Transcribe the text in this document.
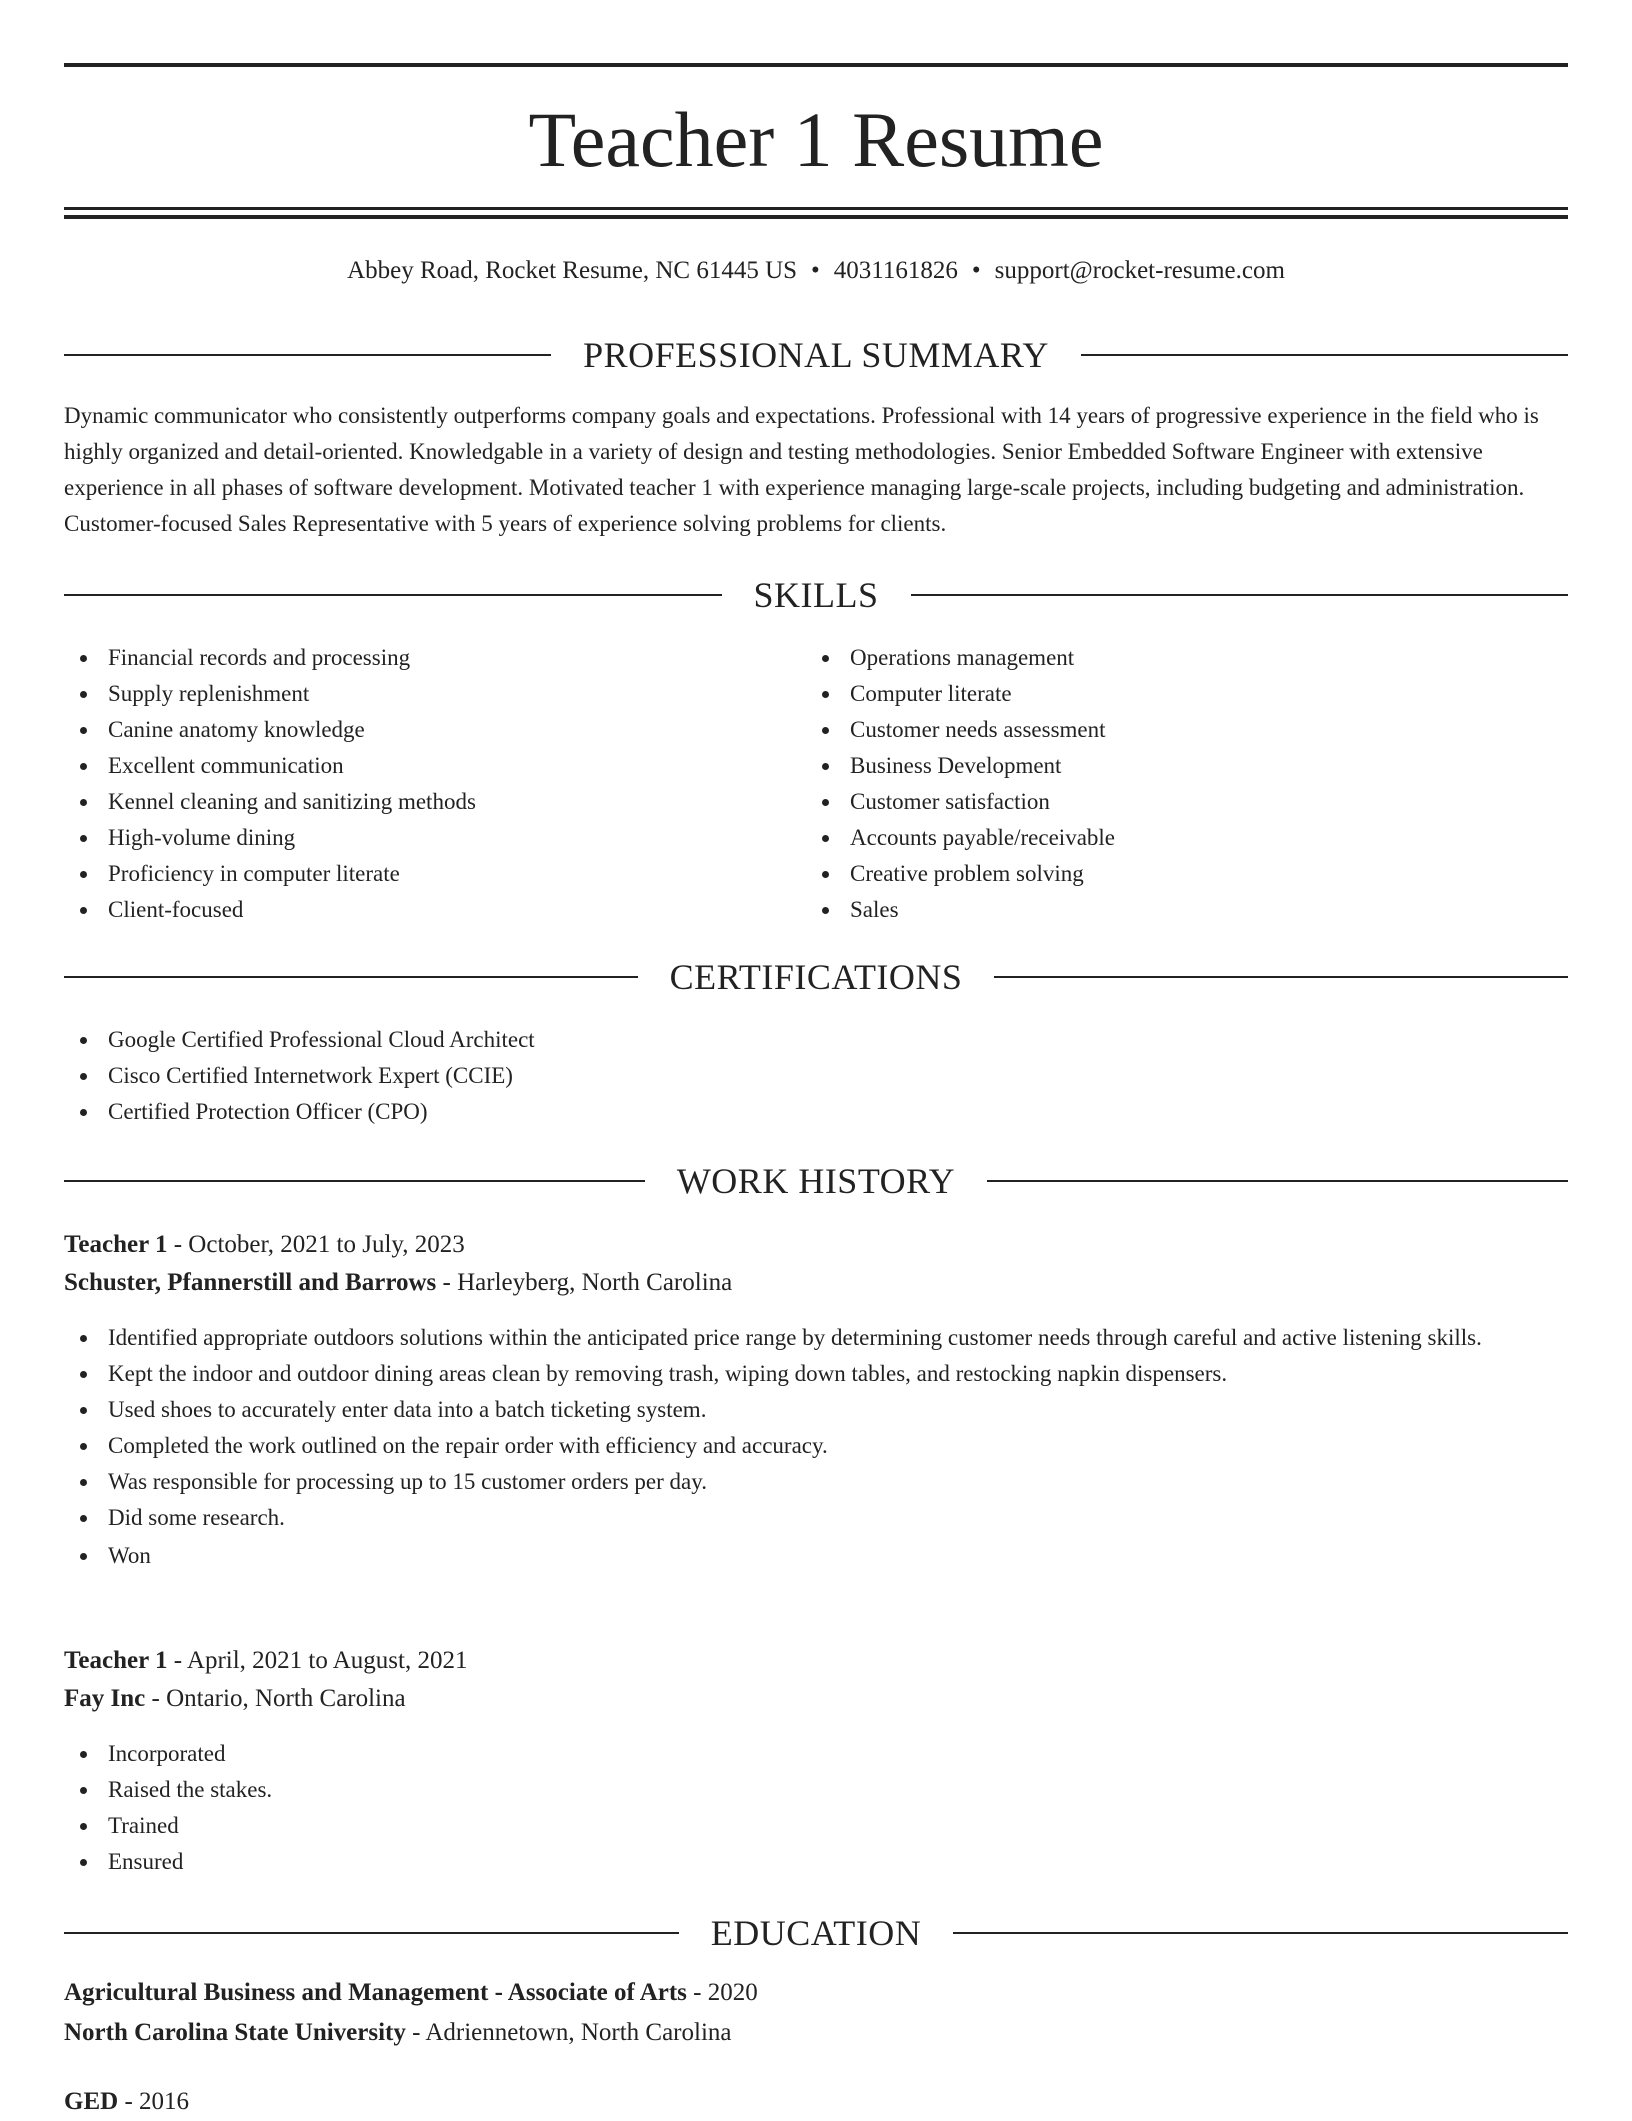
Teacher 1 Resume
Abbey Road, Rocket Resume, NC 61445 US • 4031161826 • support@rocket-resume.com
PROFESSIONAL SUMMARY

Dynamic communicator who consistently outperforms company goals and expectations. Professional with 14 years of progressive experience in the field who is highly organized and detail-oriented. Knowledgable in a variety of design and testing methodologies. Senior Embedded Software Engineer with extensive experience in all phases of software development. Motivated teacher 1 with experience managing large-scale projects, including budgeting and administration. Customer-focused Sales Representative with 5 years of experience solving problems for clients.

SKILLS
Financial records and processing
Supply replenishment
Canine anatomy knowledge
Excellent communication
Kennel cleaning and sanitizing methods
High-volume dining
Proficiency in computer literate
Client-focused
Operations management
Computer literate
Customer needs assessment
Business Development
Customer satisfaction
Accounts payable/receivable
Creative problem solving
Sales
CERTIFICATIONS
Google Certified Professional Cloud Architect
Cisco Certified Internetwork Expert (CCIE)
Certified Protection Officer (CPO)
WORK HISTORY
Teacher 1 - October, 2021 to July, 2023
Schuster, Pfannerstill and Barrows - Harleyberg, North Carolina
Identified appropriate outdoors solutions within the anticipated price range by determining customer needs through careful and active listening skills.
Kept the indoor and outdoor dining areas clean by removing trash, wiping down tables, and restocking napkin dispensers.
Used shoes to accurately enter data into a batch ticketing system.
Completed the work outlined on the repair order with efficiency and accuracy.
Was responsible for processing up to 15 customer orders per day.
Did some research.
Won
Teacher 1 - April, 2021 to August, 2021
Fay Inc - Ontario, North Carolina
Incorporated
Raised the stakes.
Trained
Ensured
EDUCATION
Agricultural Business and Management - Associate of Arts - 2020
North Carolina State University - Adriennetown, North Carolina
GED - 2016
